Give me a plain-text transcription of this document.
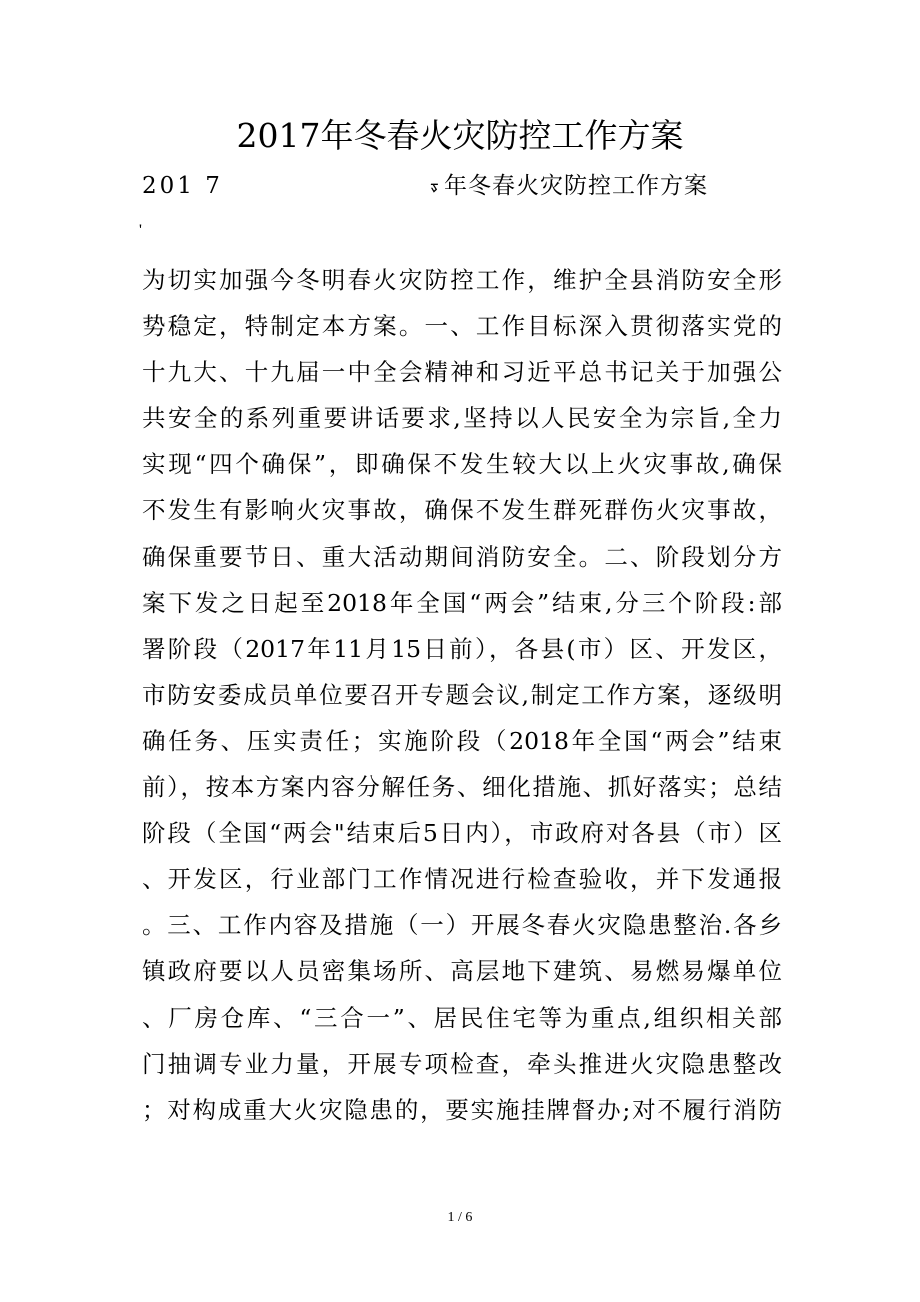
2017年冬春火灾防控工作方案
201 7	ᢌ 年冬春火灾防控工作方案
为切实加强今冬明春火灾防控工作，维护全县消防安全形
势稳定，特制定本方案。一、工作目标深入贯彻落实党的
十九大、十九届一中全会精神和习近平总书记关于加强公
共安全的系列重要讲话要求,坚持以人民安全为宗旨,全力
实现“四个确保”，即确保不发生较大以上火灾事故,确保
不发生有影响火灾事故，确保不发生群死群伤火灾事故，
确保重要节日、重大活动期间消防安全。二、阶段划分方
案下发之日起至2018年全国“两会”结束,分三个阶段:部
署阶段（2017年11月15日前），各县(市）区、开发区，
市防安委成员单位要召开专题会议,制定工作方案，逐级明
确任务、压实责任；实施阶段（2018年全国“两会”结束
前），按本方案内容分解任务、细化措施、抓好落实；总结
阶段（全国“两会"结束后5日内），市政府对各县（市）区
、开发区，行业部门工作情况进行检查验收，并下发通报
。三、工作内容及措施（一）开展冬春火灾隐患整治.各乡
镇政府要以人员密集场所、高层地下建筑、易燃易爆单位
、厂房仓库、“三合一”、居民住宅等为重点,组织相关部
门抽调专业力量，开展专项检查，牵头推进火灾隐患整改
；对构成重大火灾隐患的，要实施挂牌督办;对不履行消防
1 / 6
